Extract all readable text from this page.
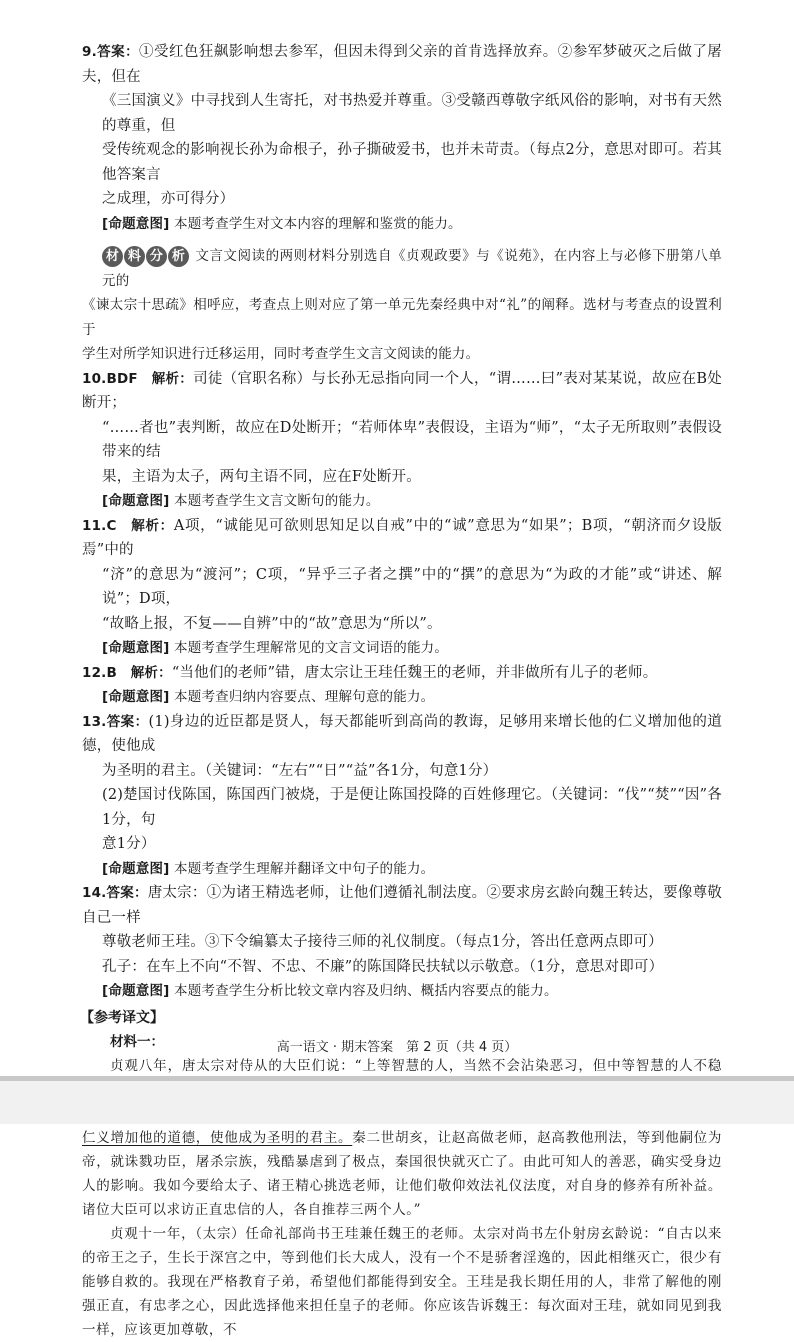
9.答案：①受红色狂飙影响想去参军，但因未得到父亲的首肯选择放弃。②参军梦破灭之后做了屠夫，但在

《三国演义》中寻找到人生寄托，对书热爱并尊重。③受赣西尊敬字纸风俗的影响，对书有天然的尊重，但

受传统观念的影响视长孙为命根子，孙子撕破爱书，也并未苛责。（每点2分，意思对即可。若其他答案言

之成理，亦可得分）

[命题意图] 本题考查学生对文本内容的理解和鉴赏的能力。

材 料 分 析 文言文阅读的两则材料分别选自《贞观政要》与《说苑》，在内容上与必修下册第八单元的

《谏太宗十思疏》相呼应，考查点上则对应了第一单元先秦经典中对“礼”的阐释。选材与考查点的设置利于

学生对所学知识进行迁移运用，同时考查学生文言文阅读的能力。

10.BDF　解析：司徒（官职名称）与长孙无忌指向同一个人，“谓……曰”表对某某说，故应在B处断开；

“……者也”表判断，故应在D处断开；“若师体卑”表假设，主语为“师”，“太子无所取则”表假设带来的结

果，主语为太子，两句主语不同，应在F处断开。

[命题意图] 本题考查学生文言文断句的能力。

11.C　解析：A项，“诚能见可欲则思知足以自戒”中的“诚”意思为“如果”；B项，“朝济而夕设版焉”中的

“济”的意思为“渡河”；C项，“异乎三子者之撰”中的“撰”的意思为“为政的才能”或“讲述、解说”；D项，

“故略上报，不复——自辨”中的“故”意思为“所以”。

[命题意图] 本题考查学生理解常见的文言文词语的能力。

12.B　解析：“当他们的老师”错，唐太宗让王珪任魏王的老师，并非做所有儿子的老师。

[命题意图] 本题考查归纳内容要点、理解句意的能力。

13.答案：(1)身边的近臣都是贤人，每天都能听到高尚的教诲，足够用来增长他的仁义增加他的道德，使他成

为圣明的君主。（关键词：“左右”“日”“益”各1分，句意1分）

(2)楚国讨伐陈国，陈国西门被烧，于是便让陈国投降的百姓修理它。（关键词：“伐”“焚”“因”各1分，句

意1分）

[命题意图] 本题考查学生理解并翻译文中句子的能力。

14.答案：唐太宗：①为诸王精选老师，让他们遵循礼制法度。②要求房玄龄向魏王转达，要像尊敬自己一样

尊敬老师王珪。③下令编纂太子接待三师的礼仪制度。（每点1分，答出任意两点即可）

孔子：在车上不向“不智、不忠、不廉”的陈国降民扶轼以示敬意。（1分，意思对即可）

[命题意图] 本题考查学生分析比较文章内容及归纳、概括内容要点的能力。

【参考译文】
材料一：

贞观八年，唐太宗对侍从的大臣们说：“上等智慧的人，当然不会沾染恶习，但中等智慧的人不稳 仁义增加他的道德，使他成为圣明的君主。秦二世胡亥，让赵高做老师，赵高教他刑法，等到他嗣位为帝，就诛戮功臣，屠杀宗族，残酷暴虐到了极点，秦国很快就灭亡了。由此可知人的善恶，确实受身边人的影响。我如今要给太子、诸王精心挑选老师，让他们敬仰效法礼仪法度，对自身的修养有所补益。诸位大臣可以求访正直忠信的人，各自推荐三两个人。”

贞观十一年，（太宗）任命礼部尚书王珪兼任魏王的老师。太宗对尚书左仆射房玄龄说：“自古以来的帝王之子，生长于深宫之中，等到他们长大成人，没有一个不是骄奢淫逸的，因此相继灭亡，很少有能够自救的。我现在严格教育子弟，希望他们都能得到安全。王珪是我长期任用的人，非常了解他的刚强正直，有忠孝之心，因此选择他来担任皇子的老师。你应该告诉魏王：每次面对王珪，就如同见到我一样，应该更加尊敬，不

高一语文 · 期末答案　第 2 页（共 4 页）
